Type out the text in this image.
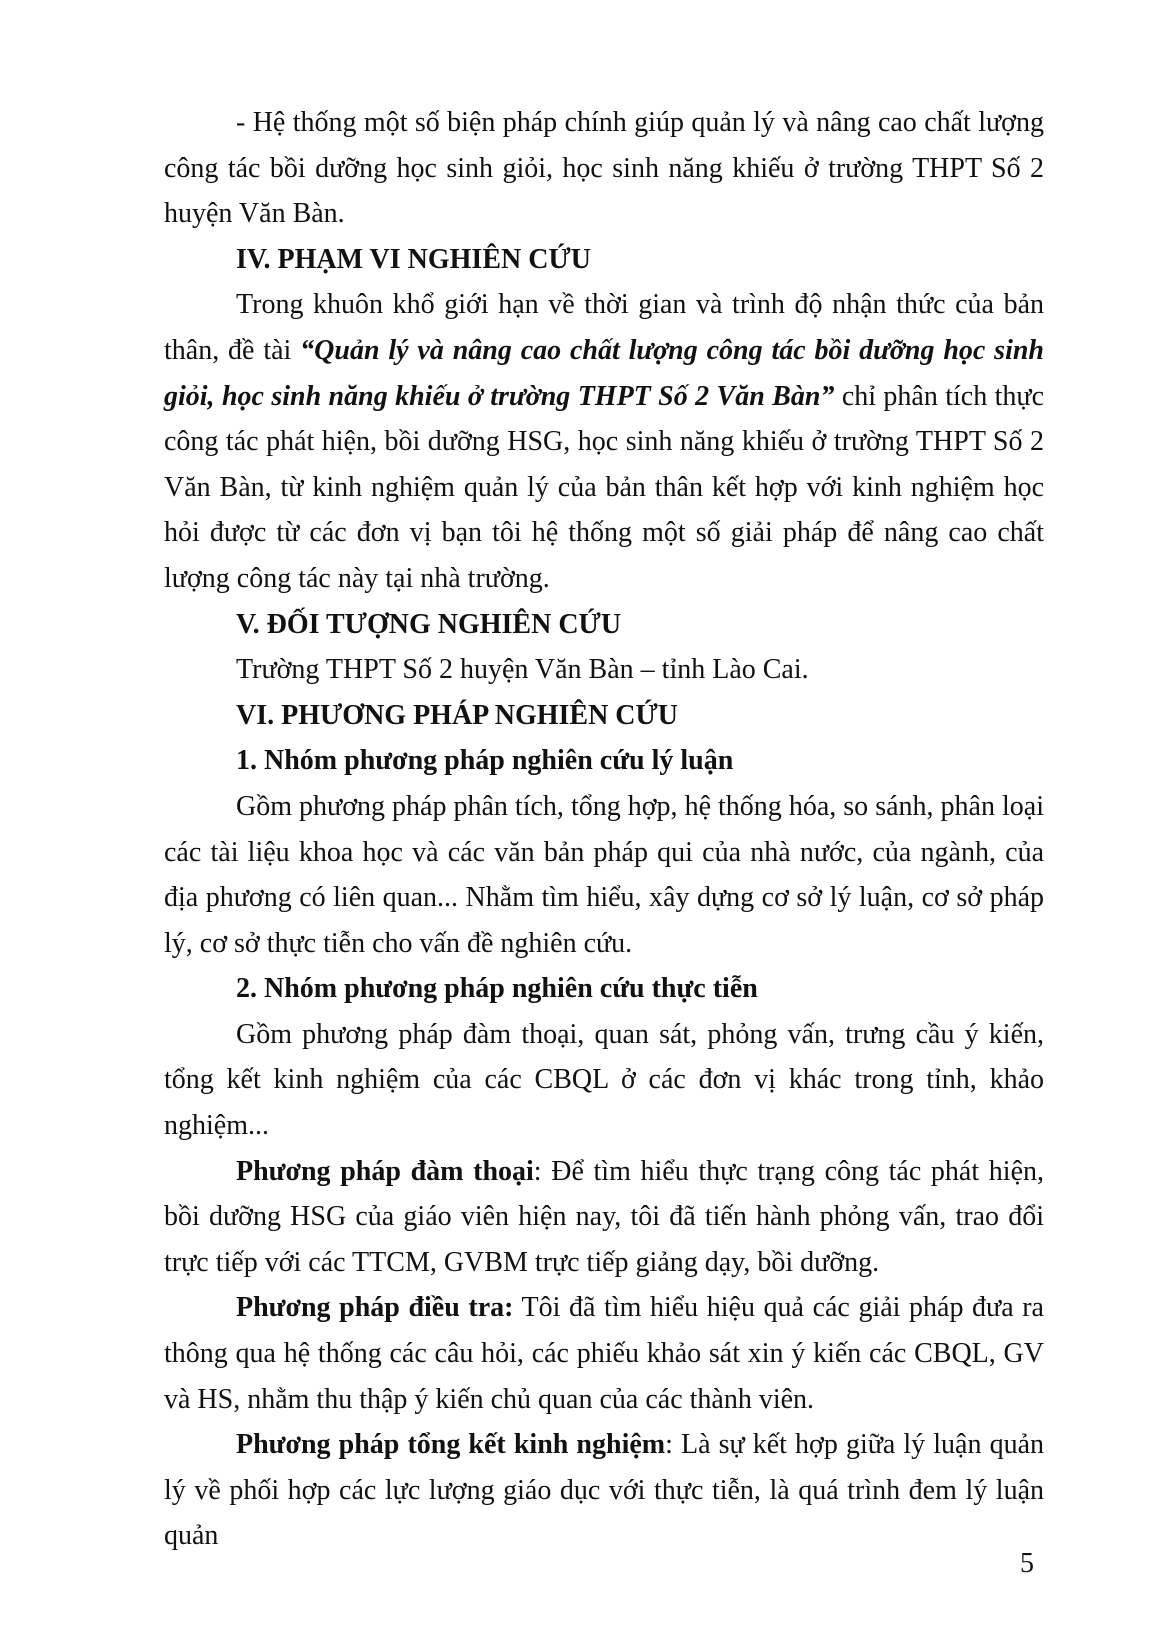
- Hệ thống một số biện pháp chính giúp quản lý và nâng cao chất lượng công tác bồi dưỡng học sinh giỏi, học sinh năng khiếu ở trường THPT Số 2 huyện Văn Bàn.

IV. PHẠM VI NGHIÊN CỨU

Trong khuôn khổ giới hạn về thời gian và trình độ nhận thức của bản thân, đề tài “Quản lý và nâng cao chất lượng công tác bồi dưỡng học sinh giỏi, học sinh năng khiếu ở trường THPT Số 2 Văn Bàn” chỉ phân tích thực công tác phát hiện, bồi dưỡng HSG, học sinh năng khiếu ở trường THPT Số 2 Văn Bàn, từ kinh nghiệm quản lý của bản thân kết hợp với kinh nghiệm học hỏi được từ các đơn vị bạn tôi hệ thống một số giải pháp để nâng cao chất lượng công tác này tại nhà trường.

V. ĐỐI TƯỢNG NGHIÊN CỨU

Trường THPT Số 2 huyện Văn Bàn – tỉnh Lào Cai.

VI. PHƯƠNG PHÁP NGHIÊN CỨU
1. Nhóm phương pháp nghiên cứu lý luận

Gồm phương pháp phân tích, tổng hợp, hệ thống hóa, so sánh, phân loại các tài liệu khoa học và các văn bản pháp qui của nhà nước, của ngành, của địa phương có liên quan... Nhằm tìm hiểu, xây dựng cơ sở lý luận, cơ sở pháp lý, cơ sở thực tiễn cho vấn đề nghiên cứu.

2. Nhóm phương pháp nghiên cứu thực tiễn

Gồm phương pháp đàm thoại, quan sát, phỏng vấn, trưng cầu ý kiến, tổng kết kinh nghiệm của các CBQL ở các đơn vị khác trong tỉnh, khảo nghiệm...

Phương pháp đàm thoại: Để tìm hiểu thực trạng công tác phát hiện, bồi dưỡng HSG của giáo viên hiện nay, tôi đã tiến hành phỏng vấn, trao đổi trực tiếp với các TTCM, GVBM trực tiếp giảng dạy, bồi dưỡng.

Phương pháp điều tra: Tôi đã tìm hiểu hiệu quả các giải pháp đưa ra thông qua hệ thống các câu hỏi, các phiếu khảo sát xin ý kiến các CBQL, GV và HS, nhằm thu thập ý kiến chủ quan của các thành viên.

Phương pháp tổng kết kinh nghiệm: Là sự kết hợp giữa lý luận quản lý về phối hợp các lực lượng giáo dục với thực tiễn, là quá trình đem lý luận quản

5
